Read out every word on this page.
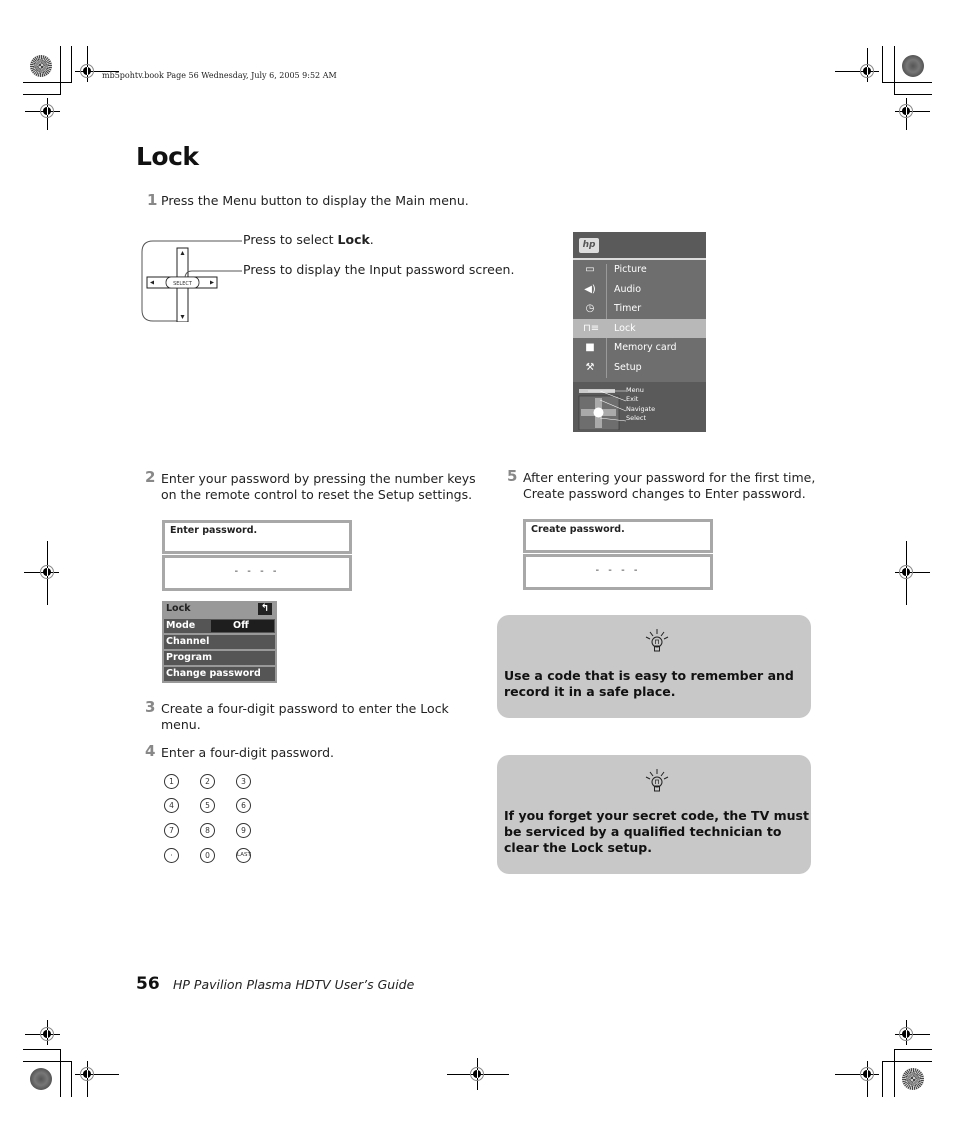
mb5pohtv.book Page 56 Wednesday, July 6, 2005 9:52 AM
Lock
1 Press the Menu button to display the Main menu.
SELECT
Press to select Lock.
Press to display the Input password screen.
hp
▭ Picture
◀) Audio
◷ Timer
⊓≡ Lock
■ Memory card
⚒ Setup
Menu
Exit
Navigate
Select
2 Enter your password by pressing the number keys
on the remote control to reset the Setup settings.
Enter password.
- - - -
Lock	↰
Mode	Off
Channel
Program
Change password
3 Create a four-digit password to enter the Lock
menu.
4 Enter a four-digit password.
1	2	3
4	5	6
7	8	9
·	0	LAST
5 After entering your password for the first time,
Create password changes to Enter password.
Create password.
- - - -
Use a code that is easy to remember and
record it in a safe place.
If you forget your secret code, the TV must
be serviced by a qualified technician to
clear the Lock setup.
56 HP Pavilion Plasma HDTV User’s Guide
